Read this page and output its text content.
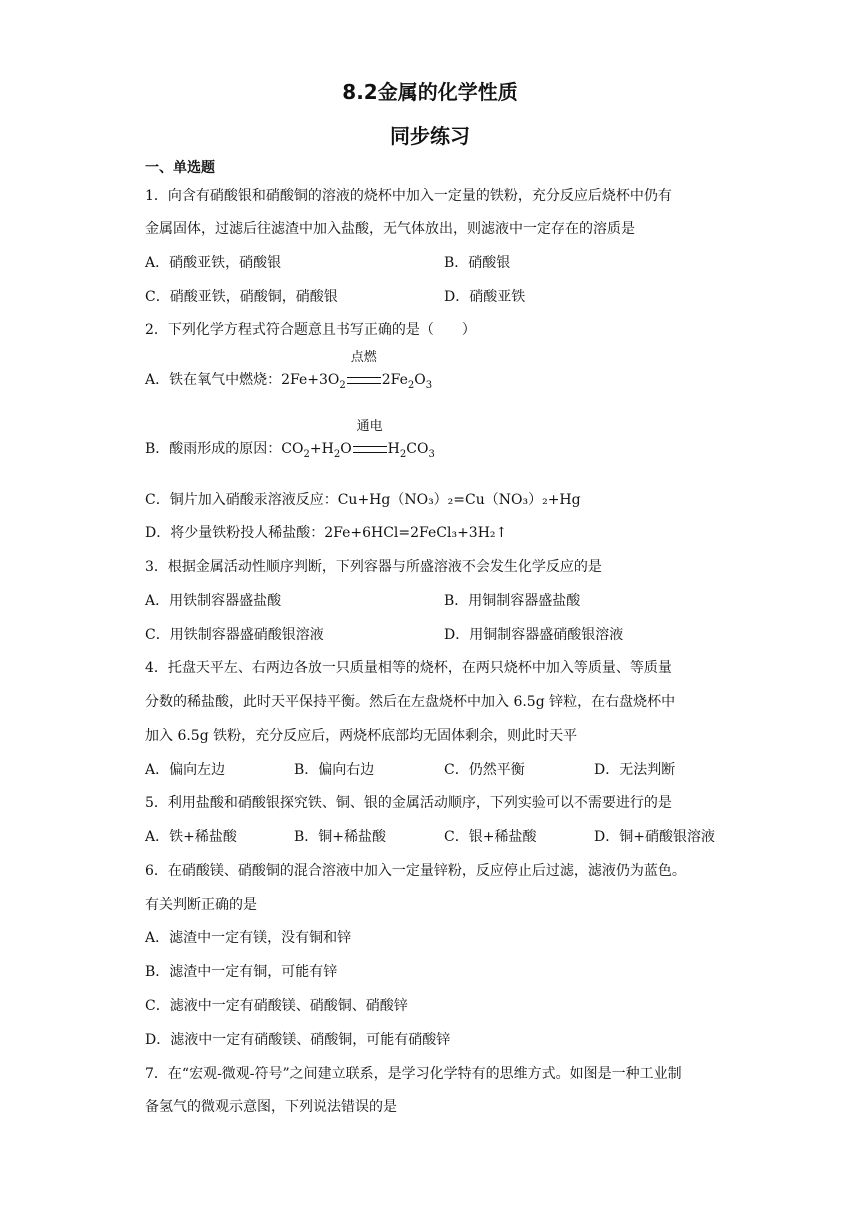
8.2金属的化学性质
同步练习
一、单选题
1．向含有硝酸银和硝酸铜的溶液的烧杯中加入一定量的铁粉，充分反应后烧杯中仍有
金属固体，过滤后往滤渣中加入盐酸，无气体放出，则滤液中一定存在的溶质是
A．硝酸亚铁，硝酸银	B．硝酸银
C．硝酸亚铁，硝酸铜，硝酸银	D．硝酸亚铁
2．下列化学方程式符合题意且书写正确的是（　　）
A．铁在氧气中燃烧：$2Fe+3O_2$
点燃
$2Fe_2O_3$
B．酸雨形成的原因：$CO_2+H_2O$
通电
$H_2CO_3$
C．铜片加入硝酸汞溶液反应：Cu+Hg（NO₃）₂=Cu（NO₃）₂+Hg
D．将少量铁粉投人稀盐酸：2Fe+6HCl=2FeCl₃+3H₂↑
3．根据金属活动性顺序判断，下列容器与所盛溶液不会发生化学反应的是
A．用铁制容器盛盐酸	B．用铜制容器盛盐酸
C．用铁制容器盛硝酸银溶液	D．用铜制容器盛硝酸银溶液
4．托盘天平左、右两边各放一只质量相等的烧杯，在两只烧杯中加入等质量、等质量
分数的稀盐酸，此时天平保持平衡。然后在左盘烧杯中加入 6.5g 锌粒，在右盘烧杯中
加入 6.5g 铁粉，充分反应后，两烧杯底部均无固体剩余，则此时天平
A．偏向左边	B．偏向右边	C．仍然平衡	D．无法判断
5．利用盐酸和硝酸银探究铁、铜、银的金属活动顺序，下列实验可以不需要进行的是
A．铁+稀盐酸	B．铜+稀盐酸	C．银+稀盐酸	D．铜+硝酸银溶液
6．在硝酸镁、硝酸铜的混合溶液中加入一定量锌粉，反应停止后过滤，滤液仍为蓝色。
有关判断正确的是
A．滤渣中一定有镁，没有铜和锌
B．滤渣中一定有铜，可能有锌
C．滤液中一定有硝酸镁、硝酸铜、硝酸锌
D．滤液中一定有硝酸镁、硝酸铜，可能有硝酸锌
7．在“宏观-微观-符号”之间建立联系，是学习化学特有的思维方式。如图是一种工业制
备氢气的微观示意图，下列说法错误的是
